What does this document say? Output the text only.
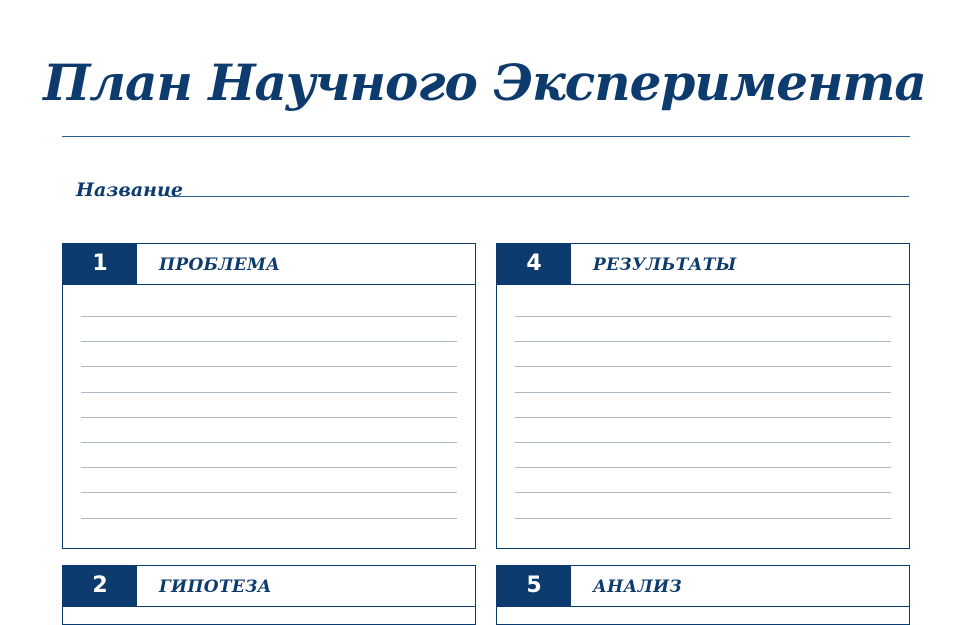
План Научного Эксперимента
Название
1	ПРОБЛЕМА	4	РЕЗУЛЬТАТЫ
2	ГИПОТЕЗА	5	АНАЛИЗ
